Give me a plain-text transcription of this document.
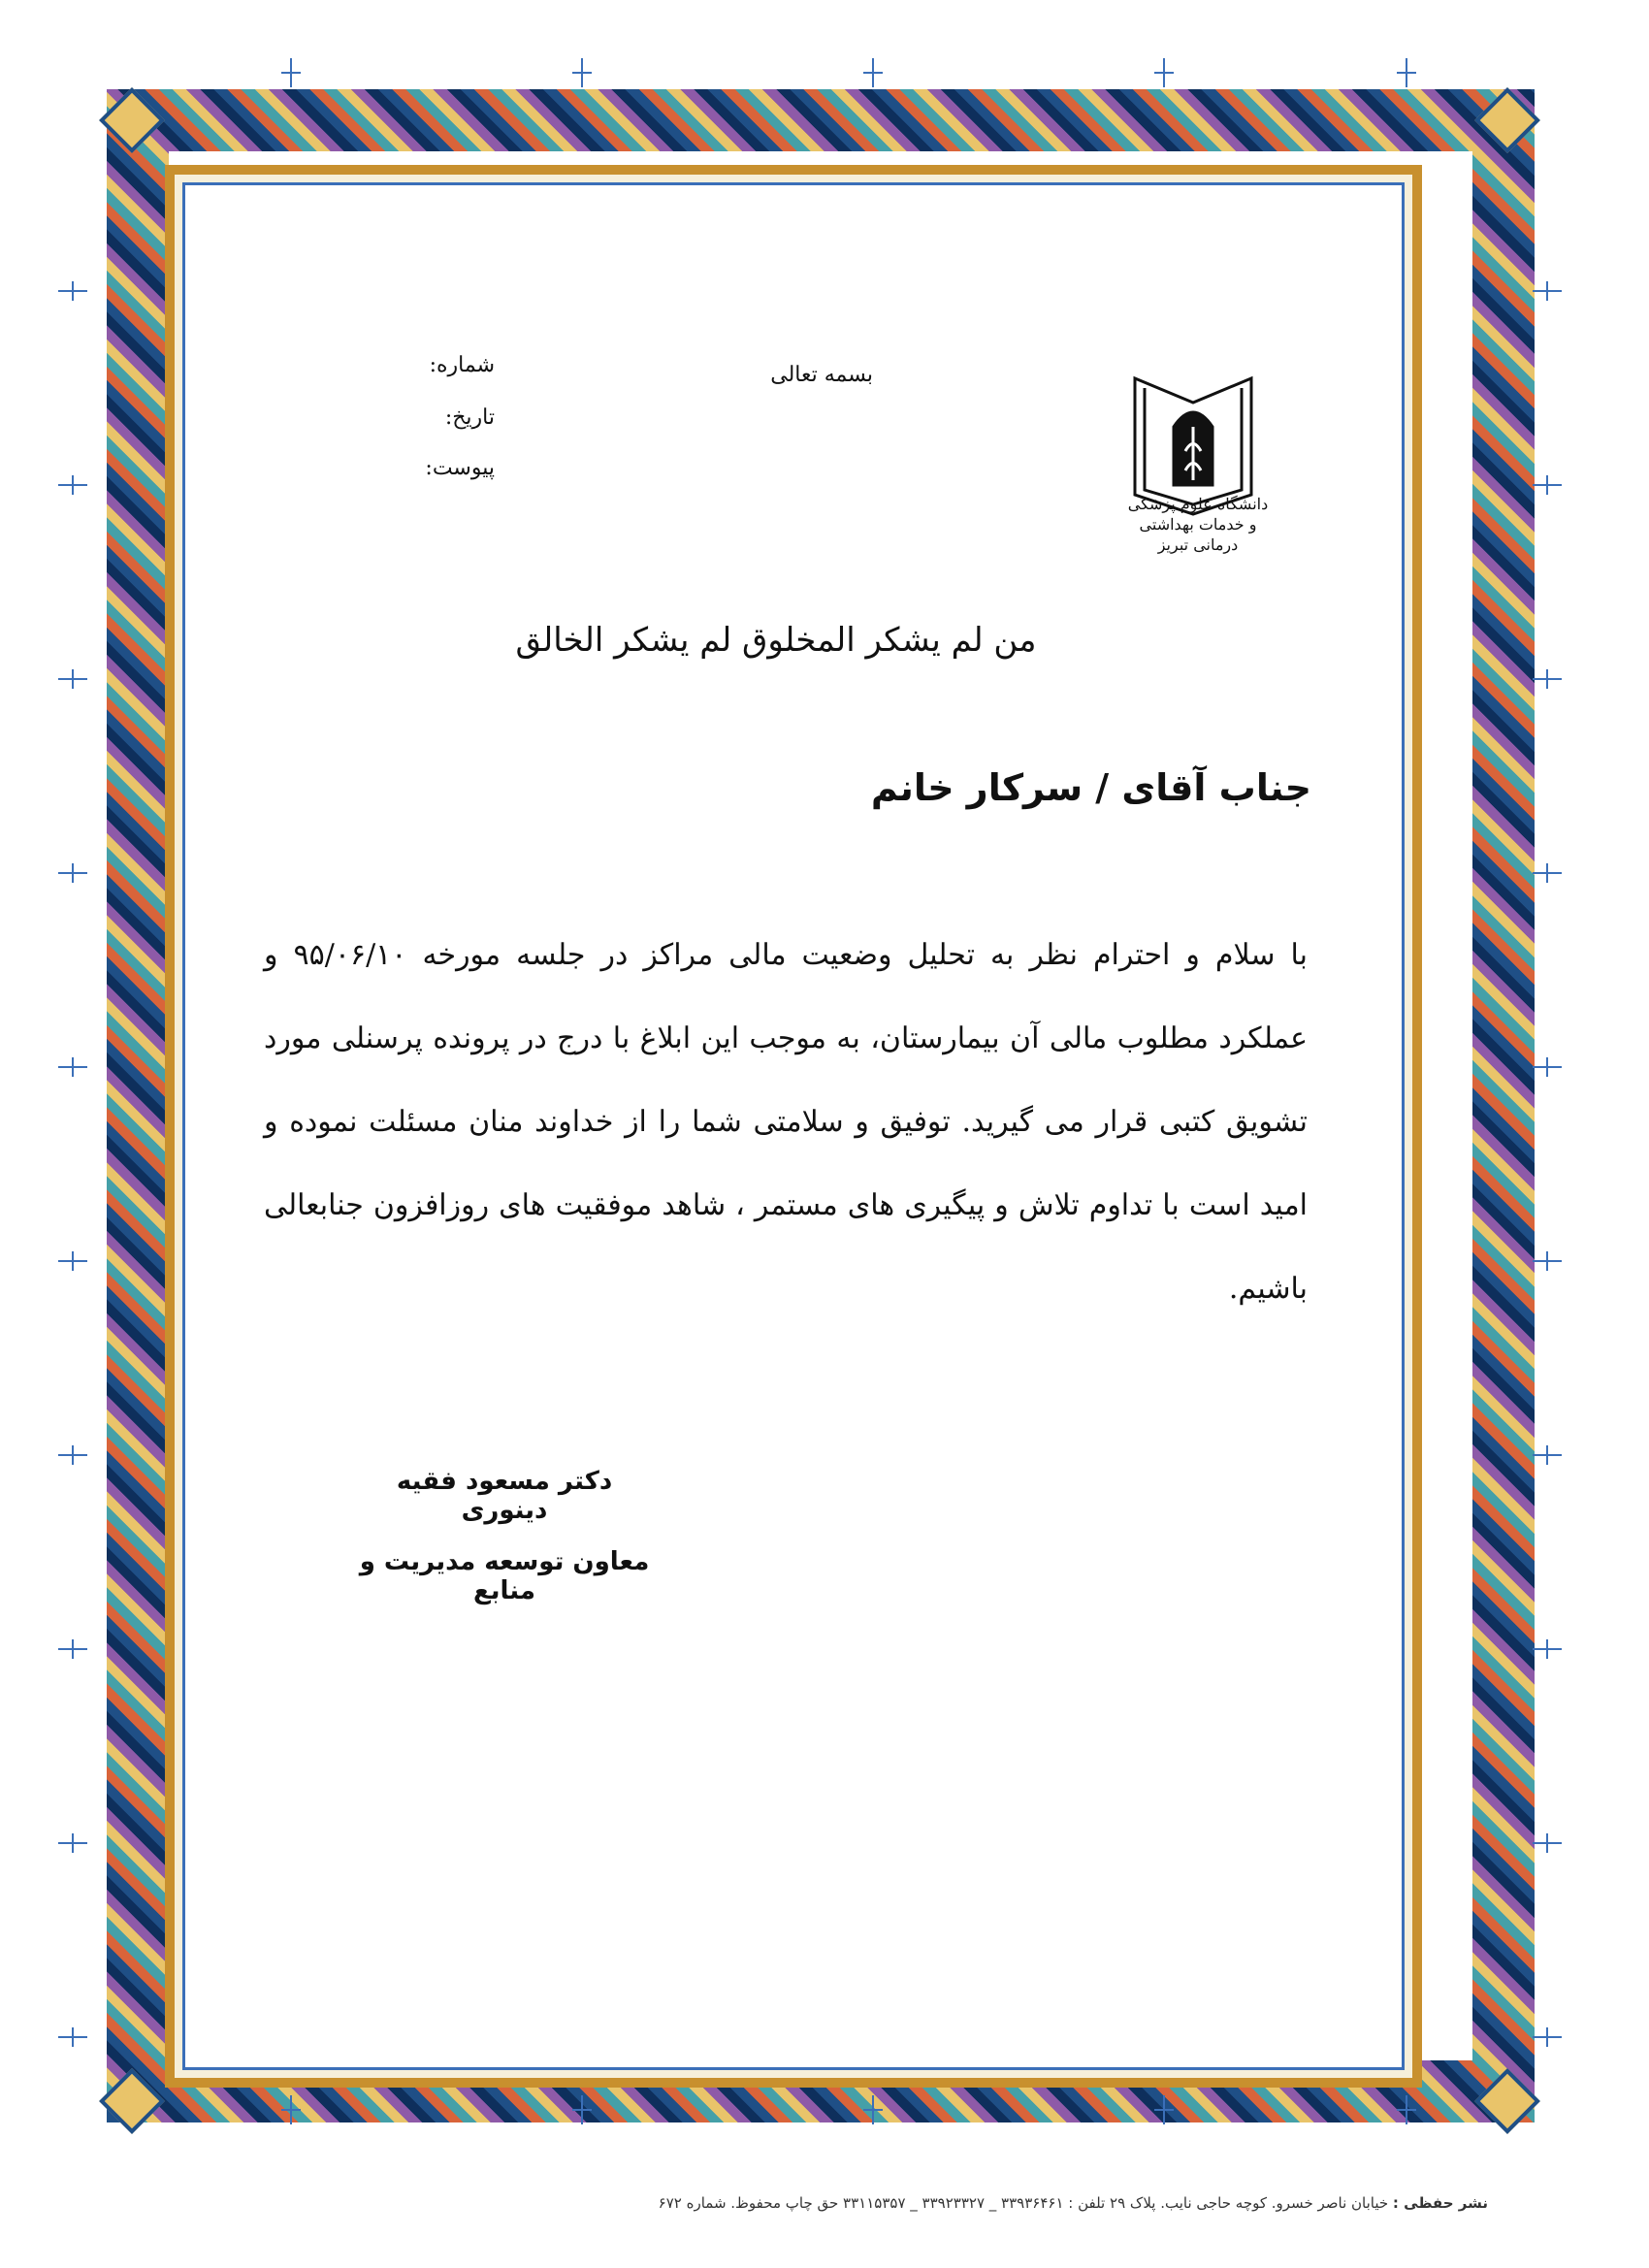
دانشگاه علوم پزشکی
و خدمات بهداشتی درمانی تبریز
بسمه تعالی
شماره:
تاریخ:
پیوست:
من لم یشکر المخلوق لم یشکر الخالق
جناب آقای / سرکار خانم
با سلام و احترام نظر به تحلیل وضعیت مالی مراکز در جلسه مورخه ۹۵/۰۶/۱۰ و عملکرد مطلوب مالی آن بیمارستان، به موجب این ابلاغ با درج در پرونده پرسنلی مورد تشویق کتبی قرار می گیرید. توفیق و سلامتی شما را از خداوند منان مسئلت نموده و امید است با تداوم تلاش و پیگیری های مستمر ، شاهد موفقیت های روزافزون جنابعالی باشیم.
دکتر مسعود فقیه دینوری
معاون توسعه مدیریت و منابع
نشر حفظی : خیابان ناصر خسرو. کوچه حاجی نایب. پلاک ۲۹ تلفن : ۳۳۹۳۶۴۶۱ _ ۳۳۹۲۳۳۲۷ _ ۳۳۱۱۵۳۵۷ حق چاپ محفوظ. شماره ۶۷۲
